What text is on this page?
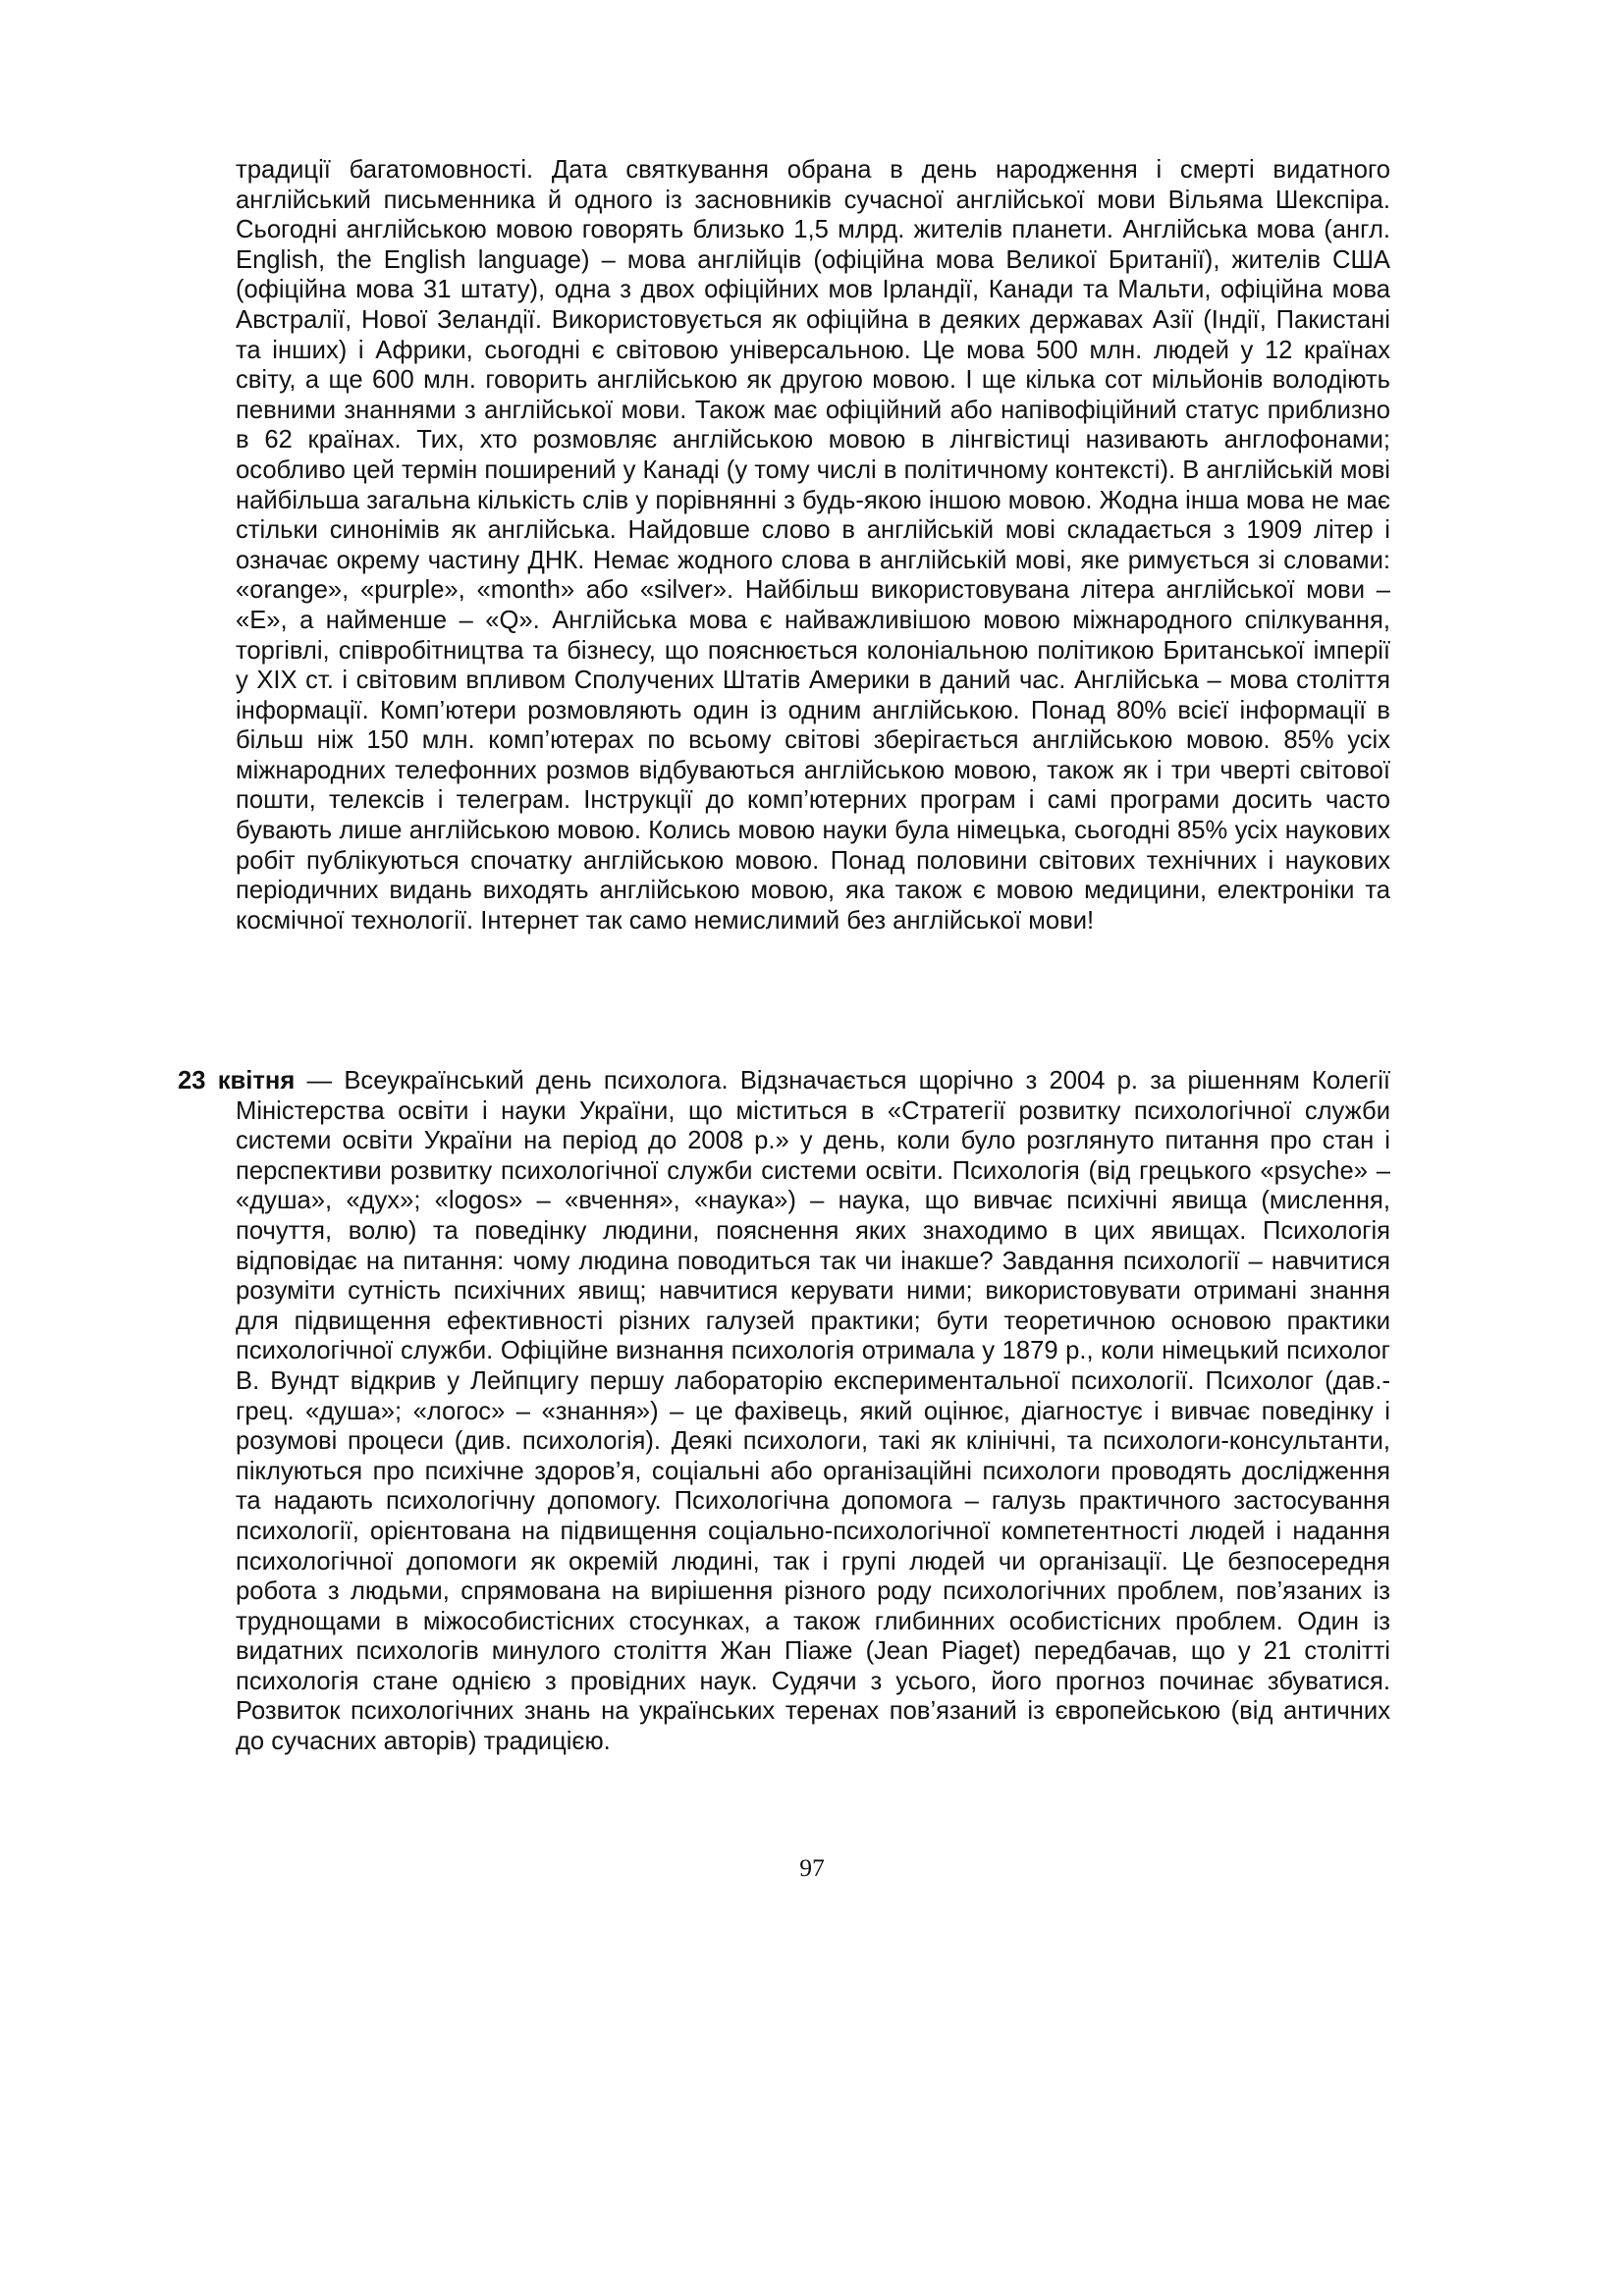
традиції багатомовності. Дата святкування обрана в день народження і смерті видатного англійський письменника й одного із засновників сучасної англійської мови Вільяма Шекспіра. Сьогодні англійською мовою говорять близько 1,5 млрд. жителів планети. Англійська мова (англ. English, the English language) – мова англійців (офіційна мова Великої Британії), жителів США (офіційна мова 31 штату), одна з двох офіційних мов Ірландії, Канади та Мальти, офіційна мова Австралії, Нової Зеландії. Використовується як офіційна в деяких державах Азії (Індії, Пакистані та інших) і Африки, сьогодні є світовою універсальною. Це мова 500 млн. людей у 12 країнах світу, а ще 600 млн. говорить англійською як другою мовою. І ще кілька сот мільйонів володіють певними знаннями з англійської мови. Також має офіційний або напівофіційний статус приблизно в 62 країнах. Тих, хто розмовляє англійською мовою в лінгвістиці називають англофонами; особливо цей термін поширений у Канаді (у тому числі в політичному контексті). В англійській мові найбільша загальна кількість слів у порівнянні з будь-якою іншою мовою. Жодна інша мова не має стільки синонімів як англійська. Найдовше слово в англійській мові складається з 1909 літер і означає окрему частину ДНК. Немає жодного слова в англійській мові, яке римується зі словами: «orange», «purple», «month» або «silver». Найбільш використовувана літера англійської мови – «E», а найменше – «Q». Англійська мова є найважливішою мовою міжнародного спілкування, торгівлі, співробітництва та бізнесу, що пояснюється колоніальною політикою Британської імперії у XIX ст. і світовим впливом Сполучених Штатів Америки в даний час. Англійська – мова століття інформації. Комп’ютери розмовляють один із одним англійською. Понад 80% всієї інформації в більш ніж 150 млн. комп’ютерах по всьому світові зберігається англійською мовою. 85% усіх міжнародних телефонних розмов відбуваються англійською мовою, також як і три чверті світової пошти, телексів і телеграм. Інструкції до комп’ютерних програм і самі програми досить часто бувають лише англійською мовою. Колись мовою науки була німецька, сьогодні 85% усіх наукових робіт публікуються спочатку англійською мовою. Понад половини світових технічних і наукових періодичних видань виходять англійською мовою, яка також є мовою медицини, електроніки та космічної технології. Інтернет так само немислимий без англійської мови!
23 квітня — Всеукраїнський день психолога. Відзначається щорічно з 2004 р. за рішенням Колегії Міністерства освіти і науки України, що міститься в «Стратегії розвитку психологічної служби системи освіти України на період до 2008 р.» у день, коли було розглянуто питання про стан і перспективи розвитку психологічної служби системи освіти. Психологія (від грецького «psyche» – «душа», «дух»; «logos» – «вчення», «наука») – наука, що вивчає психічні явища (мислення, почуття, волю) та поведінку людини, пояснення яких знаходимо в цих явищах. Психологія відповідає на питання: чому людина поводиться так чи інакше? Завдання психології – навчитися розуміти сутність психічних явищ; навчитися керувати ними; використовувати отримані знання для підвищення ефективності різних галузей практики; бути теоретичною основою практики психологічної служби. Офіційне визнання психологія отримала у 1879 р., коли німецький психолог В. Вундт відкрив у Лейпцигу першу лабораторію експериментальної психології. Психолог (дав.-грец. «душа»; «логос» – «знання») – це фахівець, який оцінює, діагностує і вивчає поведінку і розумові процеси (див. психологія). Деякі психологи, такі як клінічні, та психологи-консультанти, піклуються про психічне здоров’я, соціальні або організаційні психологи проводять дослідження та надають психологічну допомогу. Психологічна допомога – галузь практичного застосування психології, орієнтована на підвищення соціально-психологічної компетентності людей і надання психологічної допомоги як окремій людині, так і групі людей чи організації. Це безпосередня робота з людьми, спрямована на вирішення різного роду психологічних проблем, пов’язаних із труднощами в міжособистісних стосунках, а також глибинних особистісних проблем. Один із видатних психологів минулого століття Жан Піаже (Jean Piaget) передбачав, що у 21 столітті психологія стане однією з провідних наук. Судячи з усього, його прогноз починає збуватися. Розвиток психологічних знань на українських теренах пов’язаний із європейською (від античних до сучасних авторів) традицією.
97
